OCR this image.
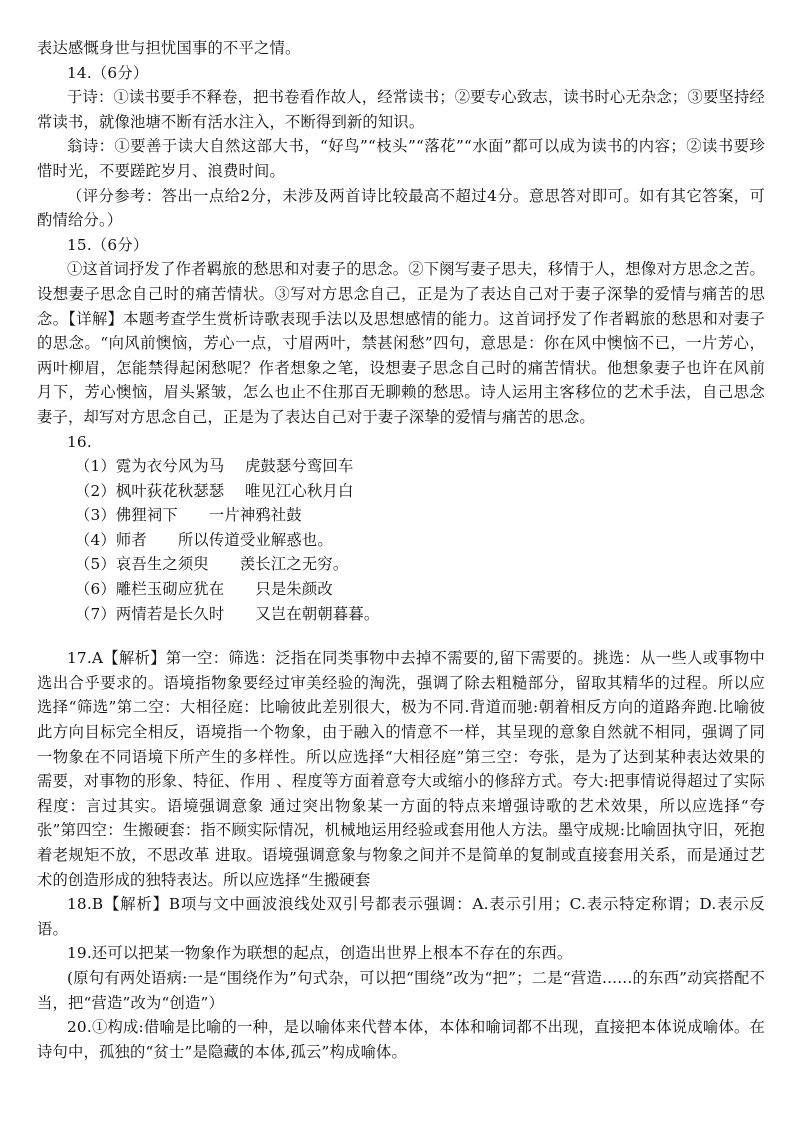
表达感慨身世与担忧国事的不平之情。

14.（6分）

于诗：①读书要手不释卷，把书卷看作故人，经常读书；②要专心致志，读书时心无杂念；③要坚持经常读书，就像池塘不断有活水注入，不断得到新的知识。

翁诗：①要善于读大自然这部大书，“好鸟”“枝头”“落花”“水面”都可以成为读书的内容；②读书要珍惜时光，不要蹉跎岁月、浪费时间。

（评分参考：答出一点给2分，未涉及两首诗比较最高不超过4分。意思答对即可。如有其它答案，可酌情给分。）

15.（6分）

①这首词抒发了作者羁旅的愁思和对妻子的思念。②下阕写妻子思夫，移情于人，想像对方思念之苦。设想妻子思念自己时的痛苦情状。③写对方思念自己，正是为了表达自己对于妻子深挚的爱情与痛苦的思念。【详解】本题考查学生赏析诗歌表现手法以及思想感情的能力。这首词抒发了作者羁旅的愁思和对妻子的思念。“向风前懊恼，芳心一点，寸眉两叶，禁甚闲愁”四句，意思是：你在风中懊恼不已，一片芳心，两叶柳眉，怎能禁得起闲愁呢？作者想象之笔，设想妻子思念自己时的痛苦情状。他想象妻子也许在风前月下，芳心懊恼，眉头紧皱，怎么也止不住那百无聊赖的愁思。诗人运用主客移位的艺术手法，自己思念妻子，却写对方思念自己，正是为了表达自己对于妻子深挚的爱情与痛苦的思念。

16.

（1）霓为衣兮风为马　 虎鼓瑟兮鸾回车

（2）枫叶荻花秋瑟瑟　 唯见江心秋月白

（3）佛狸祠下　　一片神鸦社鼓

（4）师者　　所以传道受业解惑也。

（5）哀吾生之须臾　　羡长江之无穷。

（6）雕栏玉砌应犹在　　只是朱颜改

（7）两情若是长久时　　又岂在朝朝暮暮。

17.A【解析】第一空：筛选：泛指在同类事物中去掉不需要的,留下需要的。挑选：从一些人或事物中选出合乎要求的。语境指物象要经过审美经验的淘洗，强调了除去粗糙部分，留取其精华的过程。所以应选择“筛选”第二空：大相径庭：比喻彼此差别很大，极为不同.背道而驰:朝着相反方向的道路奔跑.比喻彼此方向目标完全相反，语境指一个物象，由于融入的情意不一样，其呈现的意象自然就不相同，强调了同一物象在不同语境下所产生的多样性。所以应选择“大相径庭”第三空：夸张，是为了达到某种表达效果的需要，对事物的形象、特征、作用 、程度等方面着意夸大或缩小的修辞方式。夸大:把事情说得超过了实际程度：言过其实。语境强调意象 通过突出物象某一方面的特点来增强诗歌的艺术效果，所以应选择“夸张”第四空：生搬硬套：指不顾实际情况，机械地运用经验或套用他人方法。墨守成规:比喻固执守旧，死抱着老规矩不放，不思改革 进取。语境强调意象与物象之间并不是简单的复制或直接套用关系，而是通过艺术的创造形成的独特表达。所以应选择“生搬硬套

18.B【解析】B项与文中画波浪线处双引号都表示强调：A.表示引用；C.表示特定称谓；D.表示反语。

19.还可以把某一物象作为联想的起点，创造出世界上根本不存在的东西。

(原句有两处语病:一是“围绕作为”句式杂，可以把“围绕”改为“把”；二是“营造......的东西”动宾搭配不当，把“营造”改为“创造”）

20.①构成:借喻是比喻的一种，是以喻体来代替本体，本体和喻词都不出现，直接把本体说成喻体。在诗句中，孤独的“贫士”是隐藏的本体,孤云”构成喻体。
